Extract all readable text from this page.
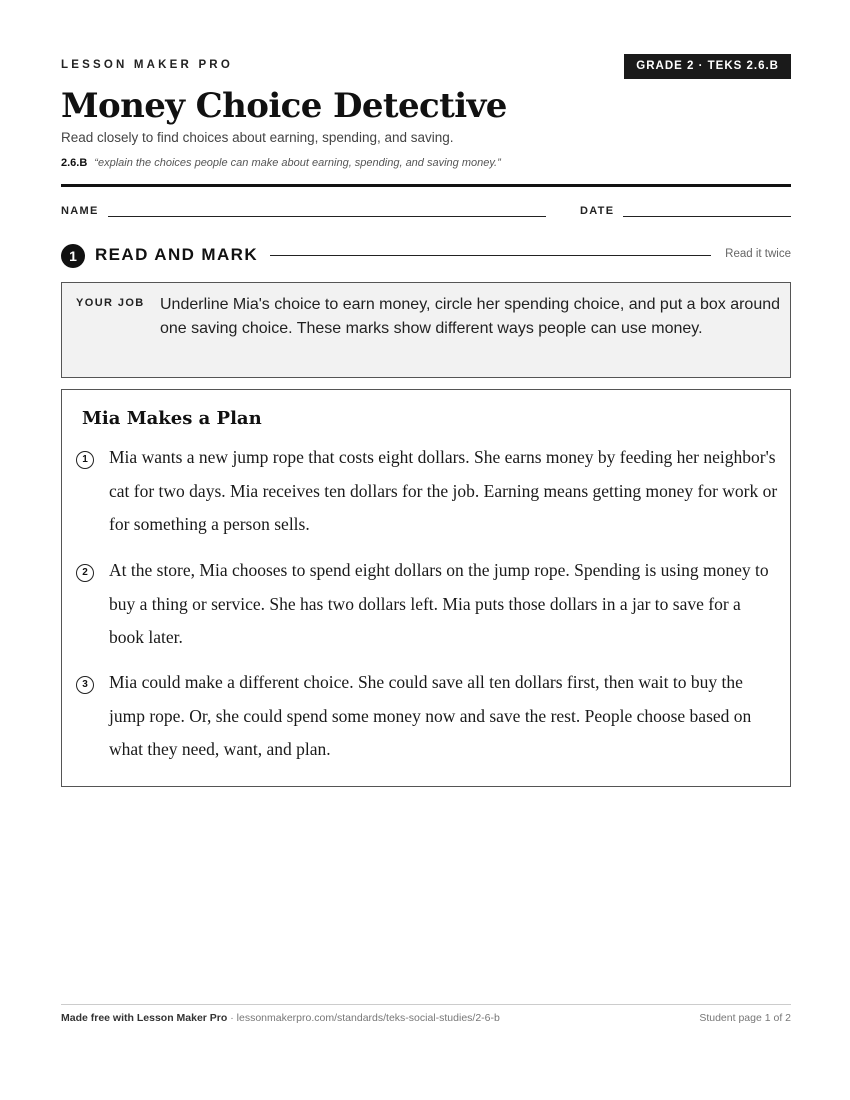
LESSON MAKER PRO	GRADE 2 · TEKS 2.6.B
Money Choice Detective
Read closely to find choices about earning, spending, and saving.
2.6.B “explain the choices people can make about earning, spending, and saving money.”
NAME	DATE
1	READ AND MARK	Read it twice
YOUR JOB Underline Mia's choice to earn money, circle her spending choice, and put a box around one saving choice. These marks show different ways people can use money.
Mia Makes a Plan
1	Mia wants a new jump rope that costs eight dollars. She earns money by feeding her neighbor's cat for two days. Mia receives ten dollars for the job. Earning means getting money for work or for something a person sells.
2	At the store, Mia chooses to spend eight dollars on the jump rope. Spending is using money to buy a thing or service. She has two dollars left. Mia puts those dollars in a jar to save for a book later.
3	Mia could make a different choice. She could save all ten dollars first, then wait to buy the jump rope. Or, she could spend some money now and save the rest. People choose based on what they need, want, and plan.
Made free with Lesson Maker Pro · lessonmakerpro.com/standards/teks-social-studies/2-6-b	Student page 1 of 2
